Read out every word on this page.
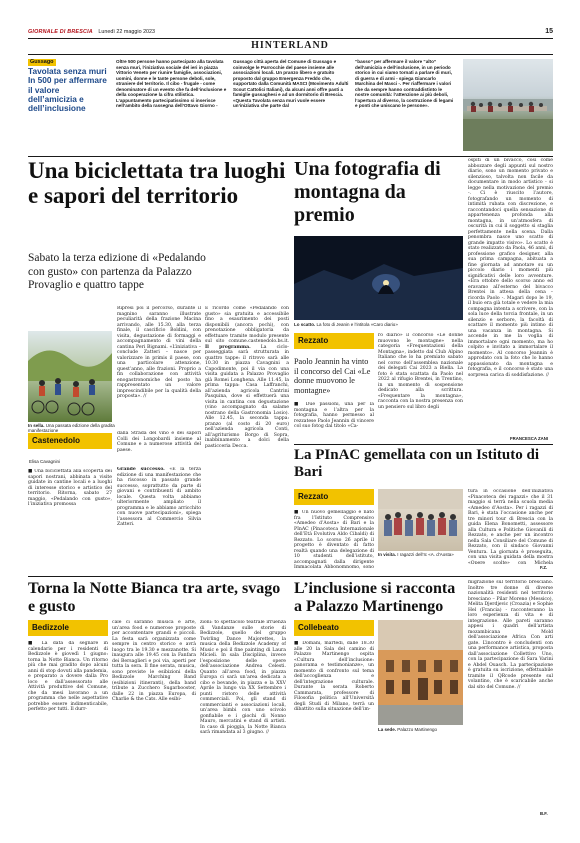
GIORNALE DI BRESCIA Lunedì 22 maggio 2023	15
HINTERLAND
Gussago
Tavolata senza muri In 500 per affermare il valore dell’amicizia e dell’inclusione
Oltre 500 persone hanno partecipato alla tavolata senza muri, l’iniziativa sociale del ieri in piazza Vittorio Veneto per riunire famiglie, associazioni, uomini, donne e le tante persone deboli, sole, straniere del territorio. Il cibo - frugale - come denominatore di un evento che fa dell’inclusione e della cooperazione la cifra stilistica. L’appuntamento partecipatissimo si inserisce nell’ambito della rassegna dell’Ottavo Giorno -
Gussago città aperta del Comune di Gussago e coinvolge le Parrocchie del paese insieme alle associazioni locali. Un pranzo libero e gratuito proposto dal gruppo Emergenza Freddo che, supportato dalla Comunità MASCI (Movimento Adulti Scout Cattolici Italiani), da alcuni anni offre pasti a famiglie gussaghesi e ad un dormitorio di Brescia. «Questa Tavolata senza muri vuole essere un’iniziativa che parte dal
“basso” per affermare il valore “alto” dell’amicizia e dell’inclusione, in un periodo storico in cui siamo tornati a parlare di muri, di guerra e di armi - spiega Giancarlo Marchina del Masci -. Per riaffermare i valori che da sempre hanno contraddistinto le nostre comunità: l’attenzione ai più deboli, l’apertura al diverso, la costruzione di legami e ponti che uniscano le persone».
Una biciclettata tra luoghi e sapori del territorio
Sabato la terza edizione di «Pedalando con gusto» con partenza da Palazzo Provaglio e quattro tappe
In sella. Una passata edizione della gradita manifestazione
Castenedolo
Elisa Cavagnini
■ Una biciclettata alla scoperta dei sapori nostrani, abbinata a visite guidate in cantine locali e a luoghi di interesse storico e artistico del territorio. Ritorna, sabato 27 maggio, «Pedalando con gusto», l’iniziativa promossa
dalla Strada del vino e dei sapori Colli dei Longobardi insieme al Comune e a numerose attività del paese.
Grande successo. «È la terza edizione di una manifestazione che ha riscosso in passato grande successo, soprattutto da parte di giovani e contribuenti di ambito locale. Questa volta abbiamo ulteriormente ampliato il programma e le abbiamo arricchito con nuove partecipazioni», spiega l’assessora al Commercio Silvia Zatteri.
È ricordo come «Pedalando con gusto» sia gratuita e accessibile fino a esaurimento dei posti disponibili (ancora pochi), con prenotazione obbligatoria da effettuare tramite modulo presente sul sito comune.castenedolo.bs.it. Il programma. La ciclo-passeggiata sarà strutturata in quattro tappe: il ritrovo sarà alle 10.30 in piazza Cavagnini a Capodimonte, poi il via con una visita guidata a Palazzo Provaglio già Romei Longhena. Alle 11.45, la prima tappa: Casa Laffranchi, all’azienda agricola Cantrini Pasquina, dove si effettuerà una visita in cantina con degustazione (vino accompagnato da salame nostrano della Gastronomia Losio). Alle 12.45, la seconda tappa: pranzo (al costo di 20 euro) nell’azienda agricola Conti, all’agriturismo Borgo di Sopra, inabbinamento a dolci della pasticceria Decca.
Una fotografia di montagna da premio
Lo scatto. La foto di Jeanin e l’intitola «Caro diario»
Rezzato
Paolo Jeannin ha vinto il concorso del Cai «Le donne muovono le montagne»
■ Due passioni, una per la montagna e l’altra per la fotografia, hanno permesso al rezzatese Paolo Jeannin di vincere col suo fotog dal titolo «Ca-
ro diario» il concorso «Le donne muovono le montagne» nella categoria «Frequentazioni della Montagna», indetto dal Club Alpino Italiano che lo ha premiato sabato nel corso dell’assemblea nazionale dei delegati Cai 2023 a Biella. La foto è stata scattata da Paolo nel 2022 al rifugio Brentei, in Trentino, in un momento di sospensione dedicato alla scrittura. «Frequentare la montagna», racconta con la nostra presenza con un pensiero sul libro degli
ospiti di un bivacco, così come abbozzare degli appunti sul nostro diario, sono un momento privato e silenzioso, talvolta non facile da documentare in modo artistico - si legge nella motivazione del premio -. Ci è riuscito l’autore, fotografando un momento di intimità rubata con discrezione, e raccontandoci quella sensazione di appartenenza profonda alla montagna, in un’atmosfera di oscurità in cui il soggetto si staglia perfettamente nella scena. Dalla penombra nasce uno scatto di grande impatto visivo». Lo scatto è stato realizzato da Paola, 46 anni, di professione grafico designer, alla sua prima campagna, abituata a fine giornata ad annotare su un piccolo diario i momenti più significativi delle loro avventure. «Era ottobre dello scorso anno ed eravamo all’esterno del bivacco Brentei in attesa della cena – ricorda Paolo -. Magari dopo le 19, il buio era già totale e vedere la mia compagna intenta a scrivere, con la sola luce della torcia frontale, in un silenzio e serbore, la facoltà di scattare il momento più intimo di una vacanza in montagna. Si accende in me la voglia di immortalare ogni momento, ma ho colpito e invitato a immortalare il momento». Al concorso Jeannin è approdato con la foto che lo hanno appassionato da montagna e fotografia, e il concorso è stato una sorpresa carica di soddisfazione. //
FRANCESCA ZANI
La PInAC gemellata con un Istituto di Bari
Rezzato
■ Un nuovo gemellaggio è nato fra l’Istituto Comprensivo «Amedeo d’Aosta» di Bari e la PInAC (Pinacoteca Internazionale dell’Età Evolutiva Aldo Cibaldi) di Rezzato. Lo scorso 26 aprile il progetto è diventato di fatto realtà quando una delegazione di 10 studenti dell’istituto, accompagnati dalla dirigente Immacolata Abbonomnomo, sono
In visita. I ragazzi dell’Ic «A. d’Aosta»
tura in occasione dell’iniziativa «Pinacoteca dei ragazzi» che il 31 maggio si terrà nella scuola media «Amedeo d’Aosta». Per i ragazzi di Bari, è stata l’occasione anche per tre minori tour di Brescia con la guida Elena Bonometti, assessore alla Cultura e Politiche Giovanili di Rezzato, e anche per un incontro nella Sala Consiliare del Comune di Rezzato, con il sindaco Giovanni Ventura. La giornata è proseguita, con una visita guidata della mostra «Opere scolte» con Michela
F.Z.
Torna la Notte Bianca tra arte, svago e gusto
Bedizzole
■ La data da segnare in calendario per i residenti di Bedizzole è giovedì 1 giugno: torna la Notte Bianca. Un ritorno più che mai gradito dopo alcuni anni di stop dovuti alla pandemia, e preparato a dovere dalla Pro loco e dall’assessorato alle Attività produttive del Comune, che da mesi lavorano a un programma che nelle aspettative potrebbe essere indimenticabile, perfetto per tutti. Il durr-
cale ci saranno musica e arte, un’area food e numerose proposte per accontentare grandi e piccoli. La festa sarà organizzata come sempre in centro storico e avrà luogo tra le 19.30 e mezzanotte. Si inaugura alle 19.45 con la Fanfara dei Bersaglieri e poi via, aperti per tutta la sera. Il fine serata, musica, sono previste le esibizioni della Bedizzole Marching Band (esibizioni itineranti), della band tribute a Zucchero Sugarbooster, dalle 22 in piazza Europa, di Charlie & the Cats. Alle esibi-
zioni: to spettacolo teatrale irruenza di Vandanze sulle storie di Bedizzole, quello del gruppo Twirling Dance Majorettes, la musica della Bedizzole Academy of Music e poi il fine painting di Laura Micieli. In sala Disciplina, invece l’esposizione delle opere dell’associazione Andrea Celesti. Quanto all’area food, in piazza Europa ci sarà un’area dedicata a cibo e bevande, in piazza e la XXV Aprile la lungo via XX Settembre i punti ristoro delle attività commerciali. Poi, gli stand di commercianti e associazioni locali, un’area bimbi con uno scivolo gonfiabile e i giochi di Nonno Mauro, mercatini e stand di artisti. In caso di pioggia, la Notte Bianca sarà rimandata al 3 giugno. //
L’inclusione si racconta a Palazzo Martinengo
Collebeato
■ Domani, martedì, dalle 18.30 alle 20 la Sala del camino di Palazzo Martinengo ospita «Cultura dell’inclusione: panorama e testimonianze», un momento di confronto sul tema dell’accoglienza e dell’integrazione culturale. Durante la serata Roberto Cammarata, professore di Filosofia politica all’Università degli Studi di Milano, terrà un dibattito sulla situazione dell’im-
La sede. Palazzo Martinengo
migrazione sul territorio bresciano. Inoltre tre donne di diverse nazionalità residenti nel territorio bresciano – Pilar Moreno (Messico), Melita Djerdjevic (Croazia) e Sophie Hel (Francia) - racconteranno la loro esperienza di vita e di integrazione. Alle pareti saranno appesi i quadri dell’artista mozambicana Mold dell’associazione Africa Con arti gate. L’incontro è concludenti con una performance artistica, proposta dall’associazione Collettivo Uno, con la partecipazione di Sara Varini e Abdel Ouasch. La partecipazione è gratuita su iscrizione, effettuabile tramite il QRcode presente sul volantino, che è scaricabile anche dal sito del Comune. //
B.F.
Ripresi poi il percorso, durante il magnino saranno illustrate peculiarità della frazione Macina arrivando, alle 15.30, alla terza finale, il cascificio Boldini, con visita, degustazione di formaggi e accompagnamento di vini della cantina Peri Bignami. «L’iniziativa – conclude Zatteri – nasce per valorizzare in primis il paese, con una particolare attenzione, quest’anno, alle frazioni. Proprio a fin collaborazione con attività enogastronomiche del posto ha rappresentato un valore imprescindibile per la qualità della proposta». //
